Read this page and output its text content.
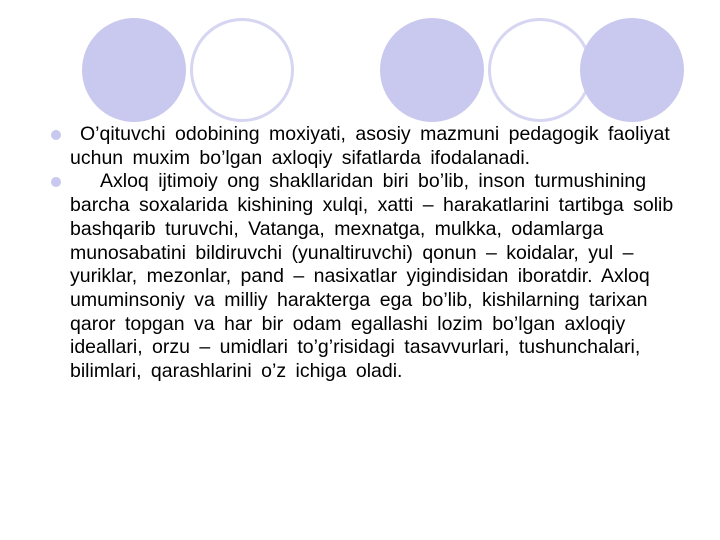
O’qituvchi odobining moxiyati, asosiy mazmuni pedagogik faoliyat uchun muxim bo’lgan axloqiy sifatlarda ifodalanadi.
Axloq ijtimoiy ong shakllaridan biri bo’lib, inson turmushining barcha soxalarida kishining xulqi, xatti – harakatlarini tartibga solib bashqarib turuvchi, Vatanga, mexnatga, mulkka, odamlarga munosabatini bildiruvchi (yunaltiruvchi) qonun – koidalar, yul – yuriklar, mezonlar, pand – nasixatlar yigindisidan iboratdir. Axloq umuminsoniy va milliy harakterga ega bo’lib, kishilarning tarixan qaror topgan va har bir odam egallashi lozim bo’lgan axloqiy ideallari, orzu – umidlari to’g’risidagi tasavvurlari, tushunchalari, bilimlari, qarashlarini o’z ichiga oladi.
